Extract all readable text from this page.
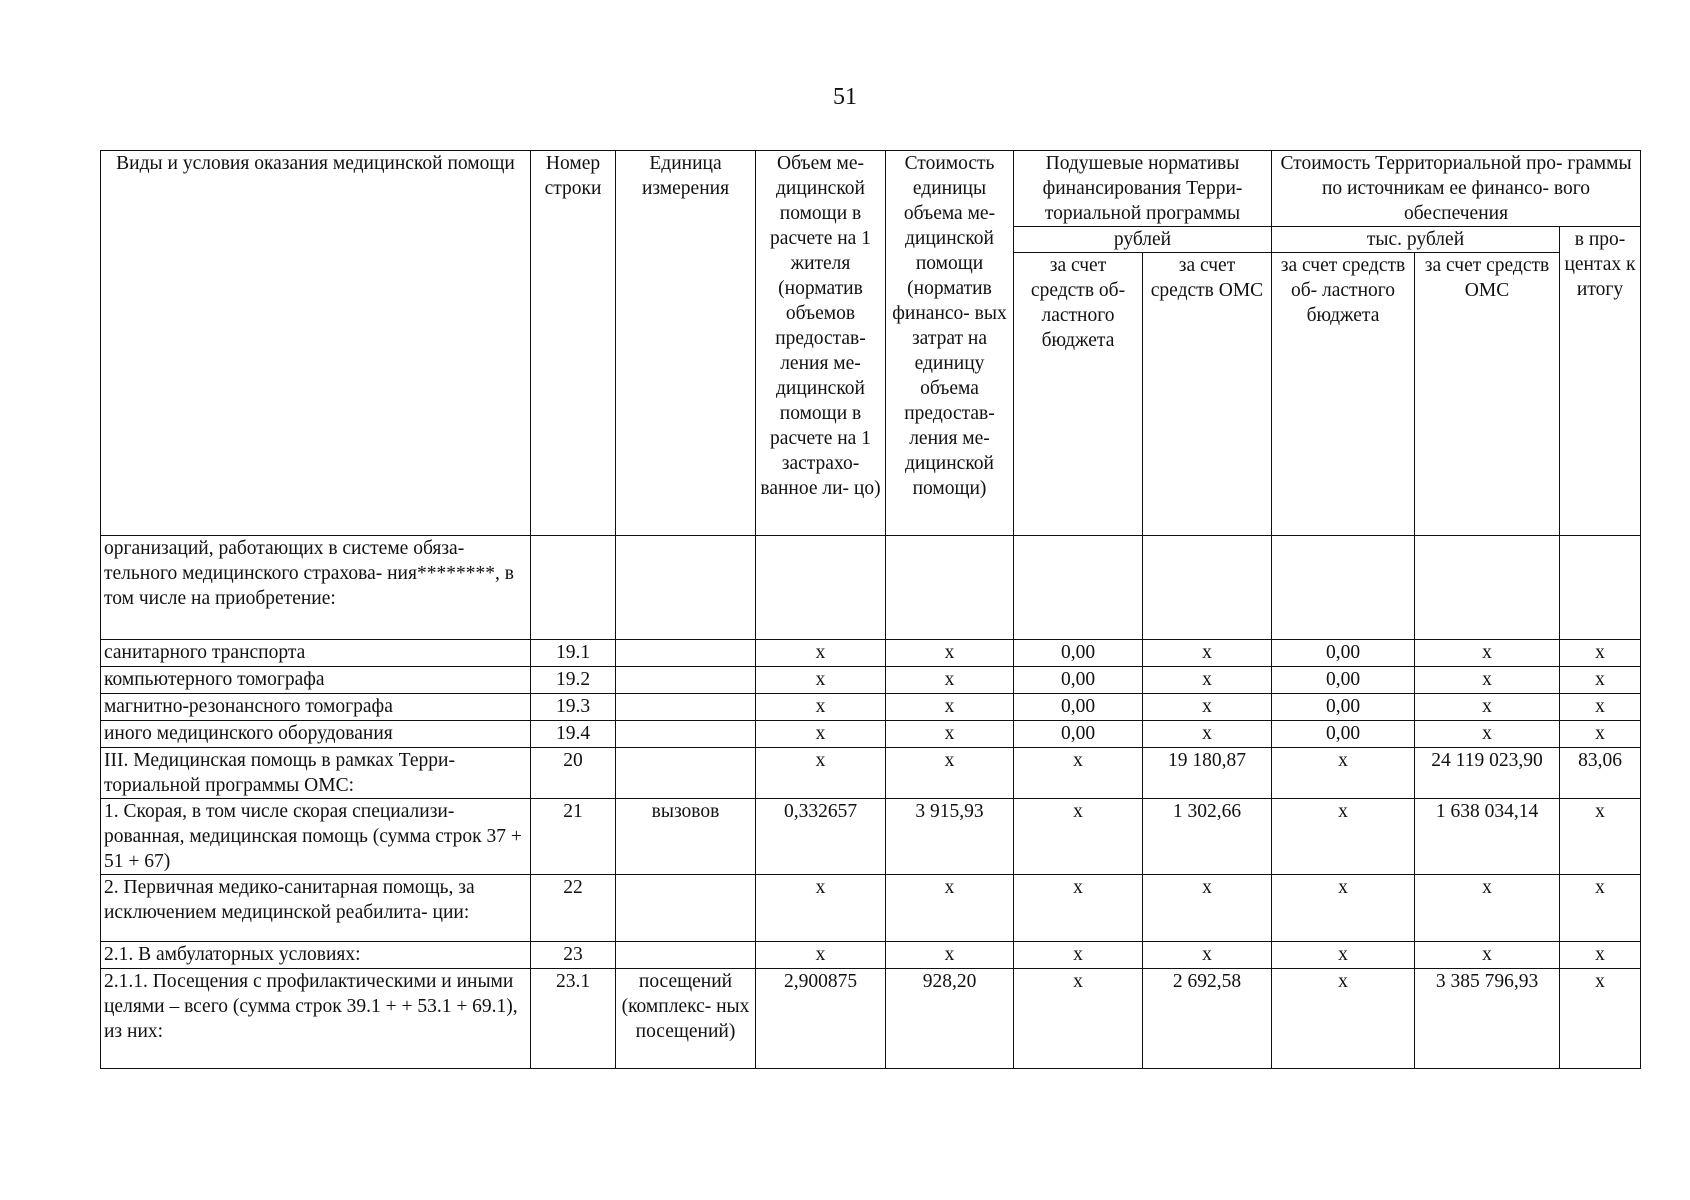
51
Виды и условия оказания медицинской помощи	Номер строки	Единица измерения	Объем ме- дицинской помощи в расчете на 1 жителя (норматив объемов предостав- ления ме- дицинской помощи в расчете на 1 застрахо- ванное ли- цо)	Стоимость единицы объема ме- дицинской помощи (норматив финансо- вых затрат на единицу объема предостав- ления ме- дицинской помощи)	Подушевые нормативы финансирования Терри- ториальной программы		Стоимость Территориальной про- граммы по источникам ее финансо- вого обеспечения		
					рублей		тыс. рублей		в про- центах к итогу
					за счет средств об- ластного бюджета	за счет средств ОМС	за счет средств об- ластного бюджета	за счет средств ОМС	
организаций, работающих в системе обяза- тельного медицинского страхова- ния********, в том числе на приобретение:									
санитарного транспорта	19.1		х	х	0,00	х	0,00	х	х
компьютерного томографа	19.2		х	х	0,00	х	0,00	х	х
магнитно-резонансного томографа	19.3		х	х	0,00	х	0,00	х	х
иного медицинского оборудования	19.4		х	х	0,00	х	0,00	х	х
III. Медицинская помощь в рамках Терри- ториальной программы ОМС:	20		х	х	х	19 180,87	х	24 119 023,90	83,06
1. Скорая, в том числе скорая специализи- рованная, медицинская помощь (сумма строк 37 + 51 + 67)	21	вызовов	0,332657	3 915,93	х	1 302,66	х	1 638 034,14	х
2. Первичная медико-санитарная помощь, за исключением медицинской реабилита- ции:	22		х	х	х	х	х	х	х
2.1. В амбулаторных условиях:	23		х	х	х	х	х	х	х
2.1.1. Посещения с профилактическими и иными целями – всего (сумма строк 39.1 + + 53.1 + 69.1), из них:	23.1	посещений (комплекс- ных посещений)	2,900875	928,20	х	2 692,58	х	3 385 796,93	х
